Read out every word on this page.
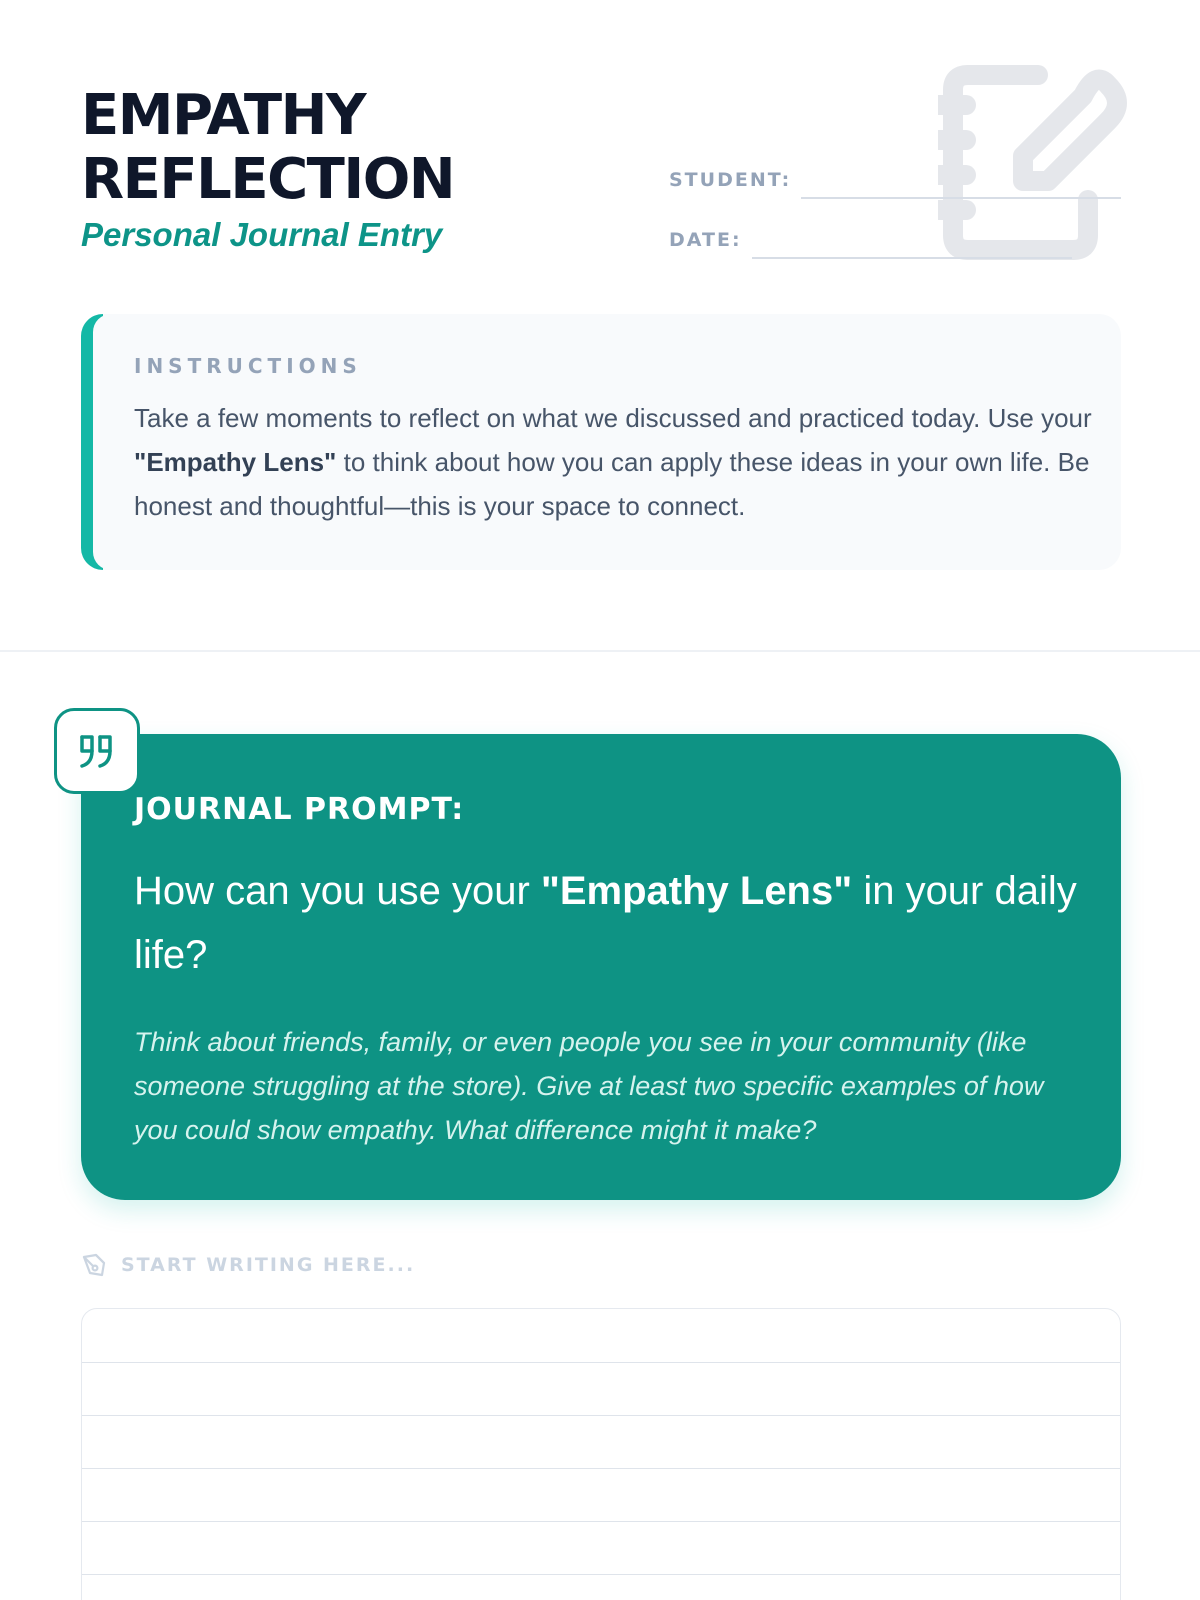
EMPATHY
REFLECTION
Personal Journal Entry
STUDENT:
DATE:
INSTRUCTIONS
Take a few moments to reflect on what we discussed and practiced today. Use your "Empathy Lens" to think about how you can apply these ideas in your own life. Be honest and thoughtful—this is your space to connect.
JOURNAL PROMPT:
How can you use your "Empathy Lens" in your daily life?
Think about friends, family, or even people you see in your community (like someone struggling at the store). Give at least two specific examples of how you could show empathy. What difference might it make?
START WRITING HERE...
